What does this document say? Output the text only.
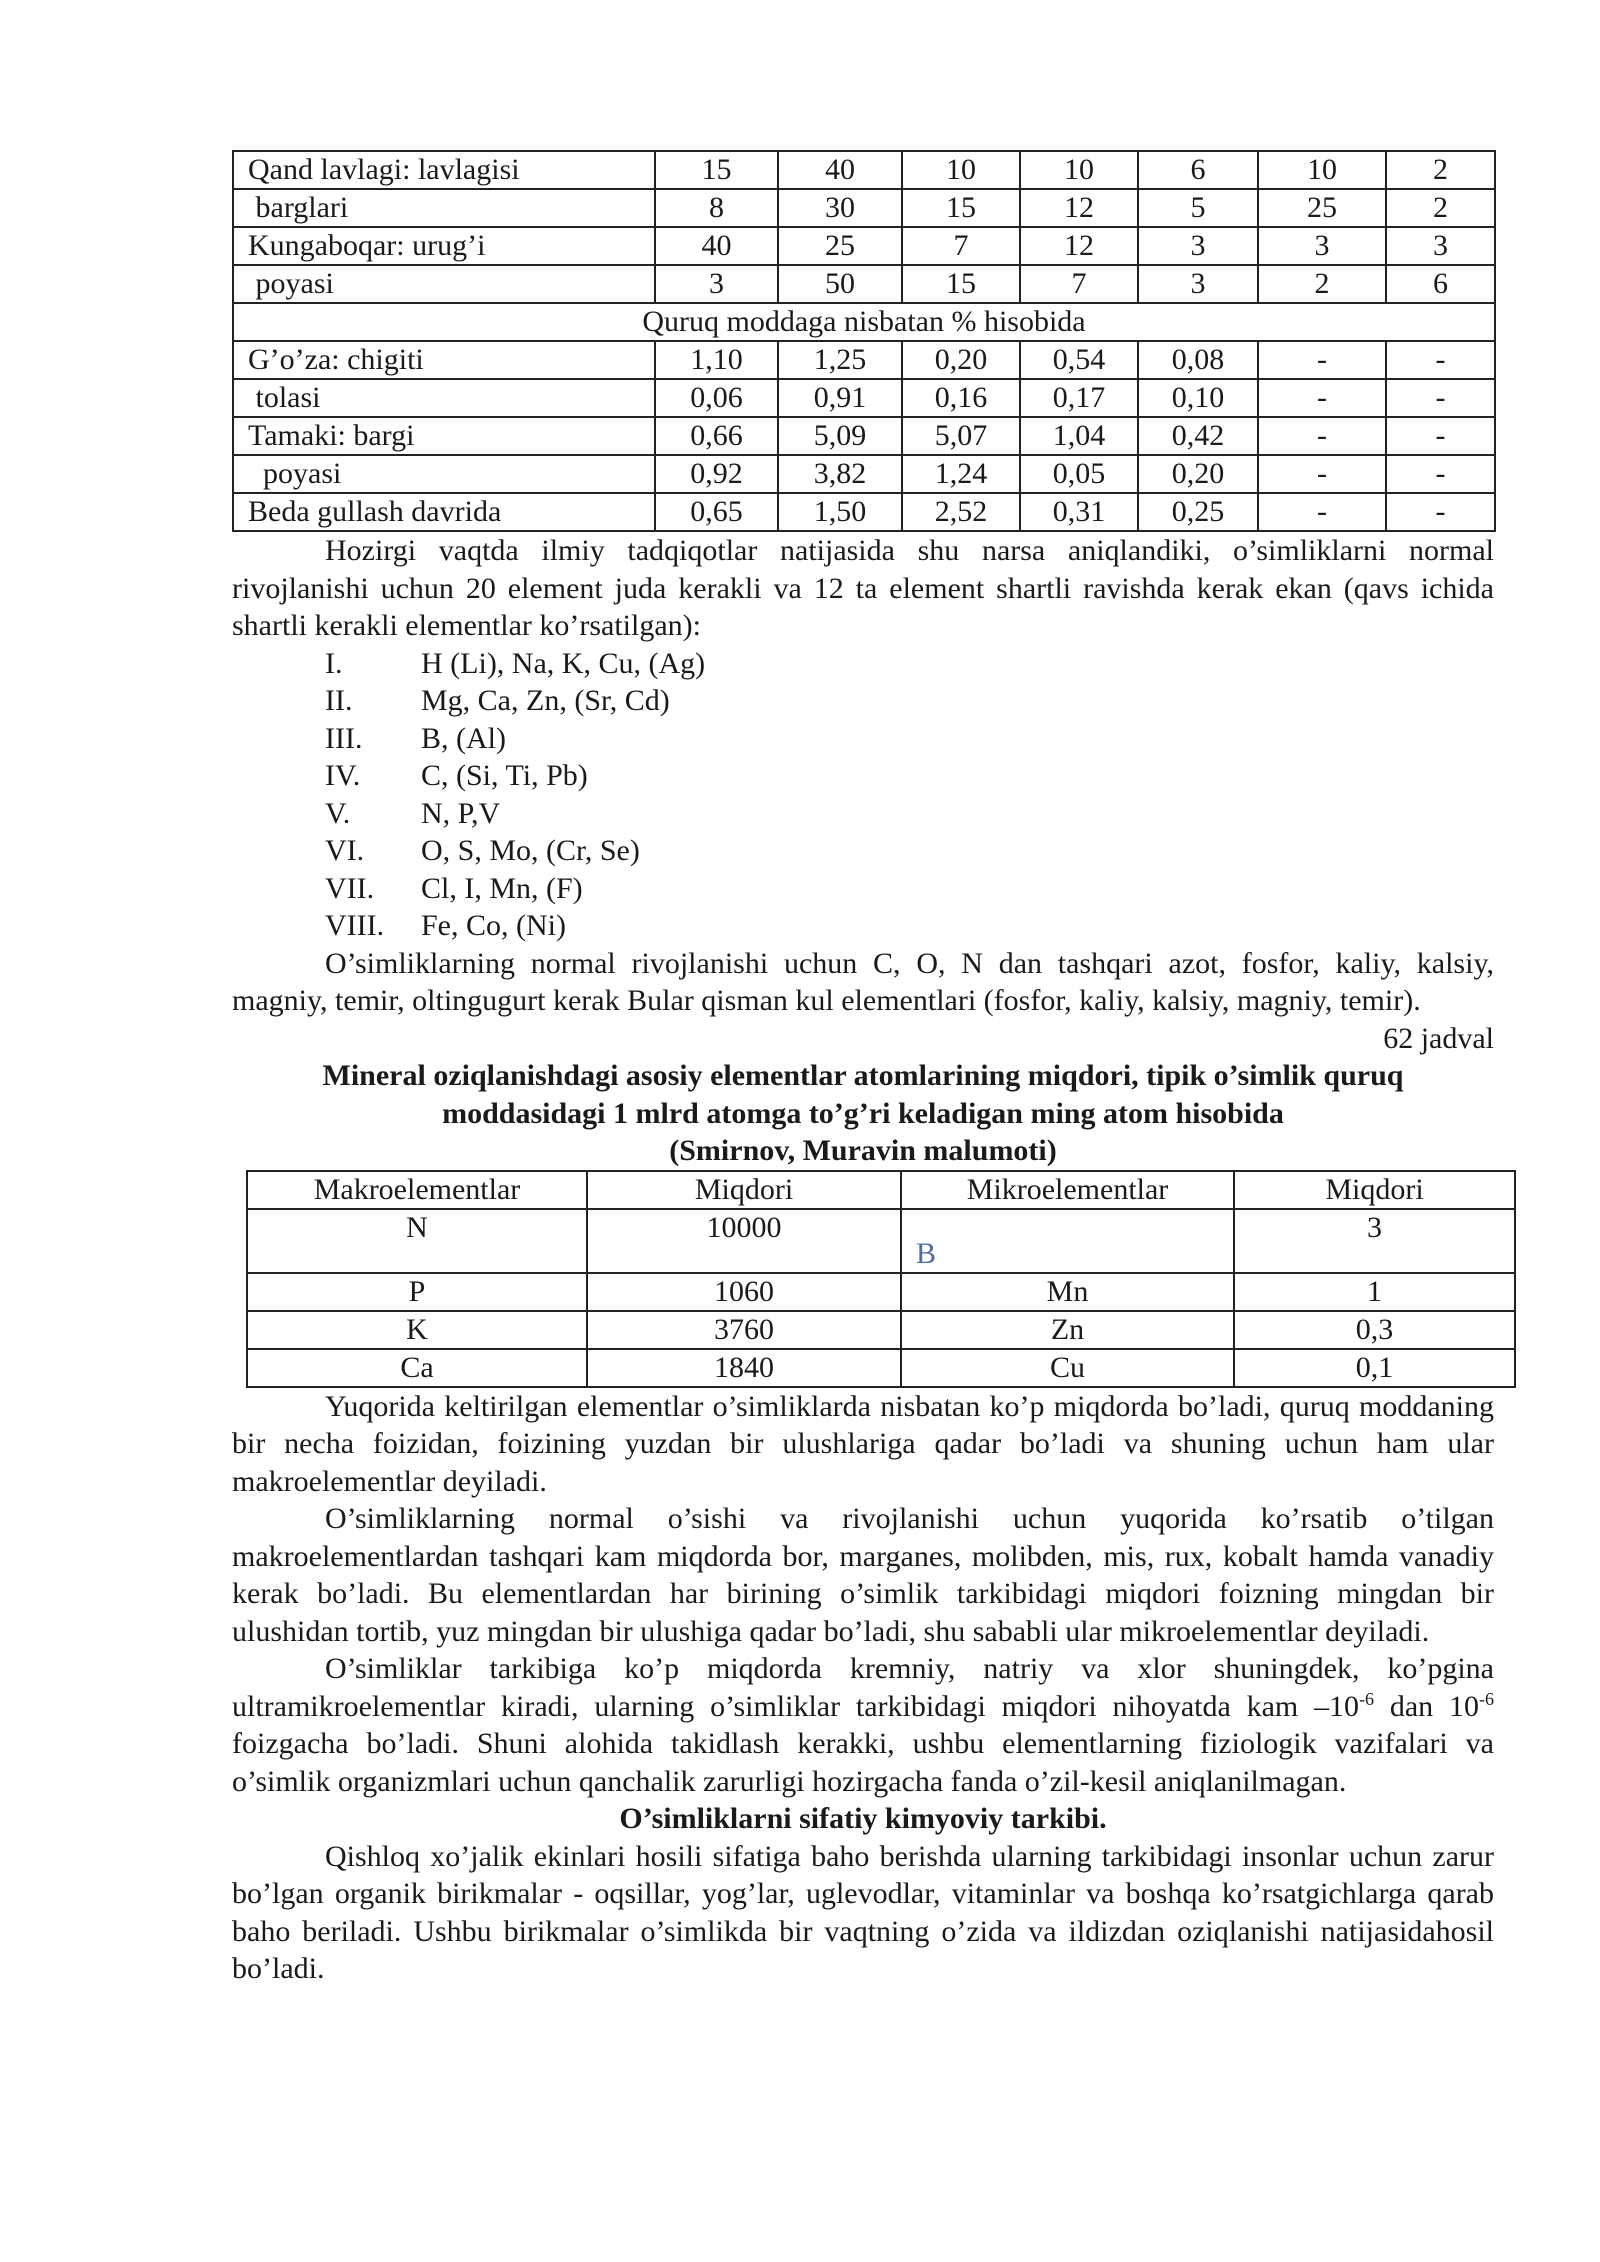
Qand lavlagi: lavlagisi	15	40	10	10	6	10	2
barglari	8	30	15	12	5	25	2
Kungaboqar: urug’i	40	25	7	12	3	3	3
poyasi	3	50	15	7	3	2	6
Quruq moddaga nisbatan % hisobida							
G’o’za: chigiti	1,10	1,25	0,20	0,54	0,08	-	-
tolasi	0,06	0,91	0,16	0,17	0,10	-	-
Tamaki: bargi	0,66	5,09	5,07	1,04	0,42	-	-
poyasi	0,92	3,82	1,24	0,05	0,20	-	-
Beda gullash davrida	0,65	1,50	2,52	0,31	0,25	-	-

Hozirgi vaqtda ilmiy tadqiqotlar natijasida shu narsa aniqlandiki, o’simliklarni normal rivojlanishi uchun 20 element juda kerakli va 12 ta element shartli ravishda kerak ekan (qavs ichida shartli kerakli elementlar ko’rsatilgan):

I.	H (Li), Na, K, Cu, (Ag)
II.	Mg, Ca, Zn, (Sr, Cd)
III.	B, (Al)
IV.	C, (Si, Ti, Pb)
V.	N, P,V
VI.	O, S, Mo, (Cr, Se)
VII.	Cl, I, Mn, (F)
VIII.	Fe, Co, (Ni)

O’simliklarning normal rivojlanishi uchun C, O, N dan tashqari azot, fosfor, kaliy, kalsiy, magniy, temir, oltingugurt kerak Bular qisman kul elementlari (fosfor, kaliy, kalsiy, magniy, temir).

62 jadval

Mineral oziqlanishdagi asosiy elementlar atomlarining miqdori, tipik o’simlik quruq

moddasidagi 1 mlrd atomga to’g’ri keladigan ming atom hisobida

(Smirnov, Muravin malumoti)

Makroelementlar	Miqdori	Mikroelementlar	Miqdori
N	10000	B	3
P	1060	Mn	1
K	3760	Zn	0,3
Ca	1840	Cu	0,1

Yuqorida keltirilgan elementlar o’simliklarda nisbatan ko’p miqdorda bo’ladi, quruq moddaning bir necha foizidan, foizining yuzdan bir ulushlariga qadar bo’ladi va shuning uchun ham ular makroelementlar deyiladi.

O’simliklarning normal o’sishi va rivojlanishi uchun yuqorida ko’rsatib o’tilgan makroelementlardan tashqari kam miqdorda bor, marganes, molibden, mis, rux, kobalt hamda vanadiy kerak bo’ladi. Bu elementlardan har birining o’simlik tarkibidagi miqdori foizning mingdan bir ulushidan tortib, yuz mingdan bir ulushiga qadar bo’ladi, shu sababli ular mikroelementlar deyiladi.

O’simliklar tarkibiga ko’p miqdorda kremniy, natriy va xlor shuningdek, ko’pgina ultramikroelementlar kiradi, ularning o’simliklar tarkibidagi miqdori nihoyatda kam $-10^{-6}$ dan $10^{-6}$ foizgacha bo’ladi. Shuni alohida takidlash kerakki, ushbu elementlarning fiziologik vazifalari va o’simlik organizmlari uchun qanchalik zarurligi hozirgacha fanda o’zil-kesil aniqlanilmagan.

O’simliklarni sifatiy kimyoviy tarkibi.

Qishloq xo’jalik ekinlari hosili sifatiga baho berishda ularning tarkibidagi insonlar uchun zarur bo’lgan organik birikmalar - oqsillar, yog’lar, uglevodlar, vitaminlar va boshqa ko’rsatgichlarga qarab baho beriladi. Ushbu birikmalar o’simlikda bir vaqtning o’zida va ildizdan oziqlanishi natijasidahosil bo’ladi.
